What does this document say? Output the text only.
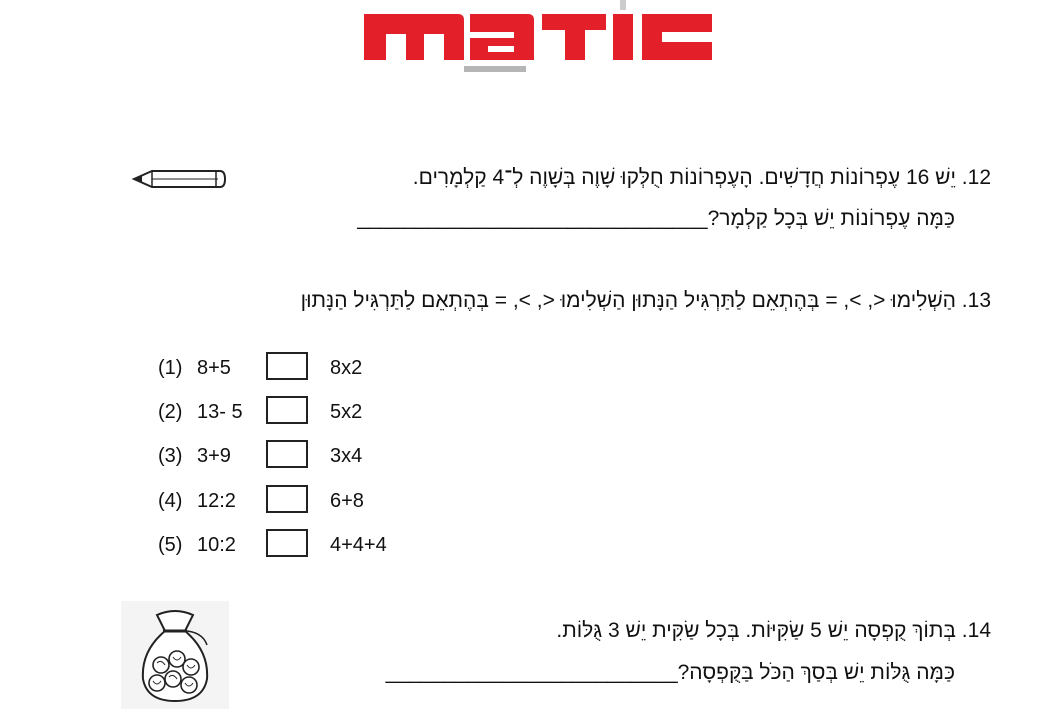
12. יֵשׁ 16 עֶפְרוֹנוֹת חֲדָשִׁים. הָעֶפְרוֹנוֹת חֻלְּקוּ שָׁוֶה בְּשָׁוֶה לְ־4 קַלְמָרִים.
כַּמָּה עֶפְרוֹנוֹת יֵשׁ בְּכָל קַלְמָר?______________________________
13. הַשְׁלִימוּ <, >, = בְּהֶתְאֵם לַתַּרְגִּיל הַנָּתוּן הַשְׁלִימוּ <, >, = בְּהֶתְאֵם לַתַּרְגִּיל הַנָּתוּן
(1) 8+5	8x2
(2) 13- 5	5x2
(3) 3+9	3x4
(4) 12:2	6+8
(5) 10:2	4+4+4
14. בְּתוֹךְ קֻפְסָה יֵשׁ 5 שַׂקִּיּוֹת. בְּכָל שַׂקִּית יֵשׁ 3 גֻּלּוֹת.
כַּמָּה גֻּלּוֹת יֵשׁ בְּסַךְ הַכֹּל בַּקֻּפְסָה?_________________________
